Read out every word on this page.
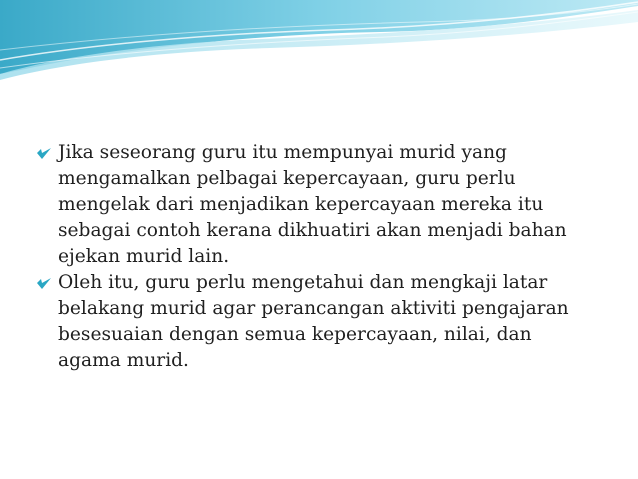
Jika seseorang guru itu mempunyai murid yang
mengamalkan pelbagai kepercayaan, guru perlu
mengelak dari menjadikan kepercayaan mereka itu
sebagai contoh kerana dikhuatiri akan menjadi bahan
ejekan murid lain.
Oleh itu, guru perlu mengetahui dan mengkaji latar
belakang murid agar perancangan aktiviti pengajaran
besesuaian dengan semua kepercayaan, nilai, dan
agama murid.
